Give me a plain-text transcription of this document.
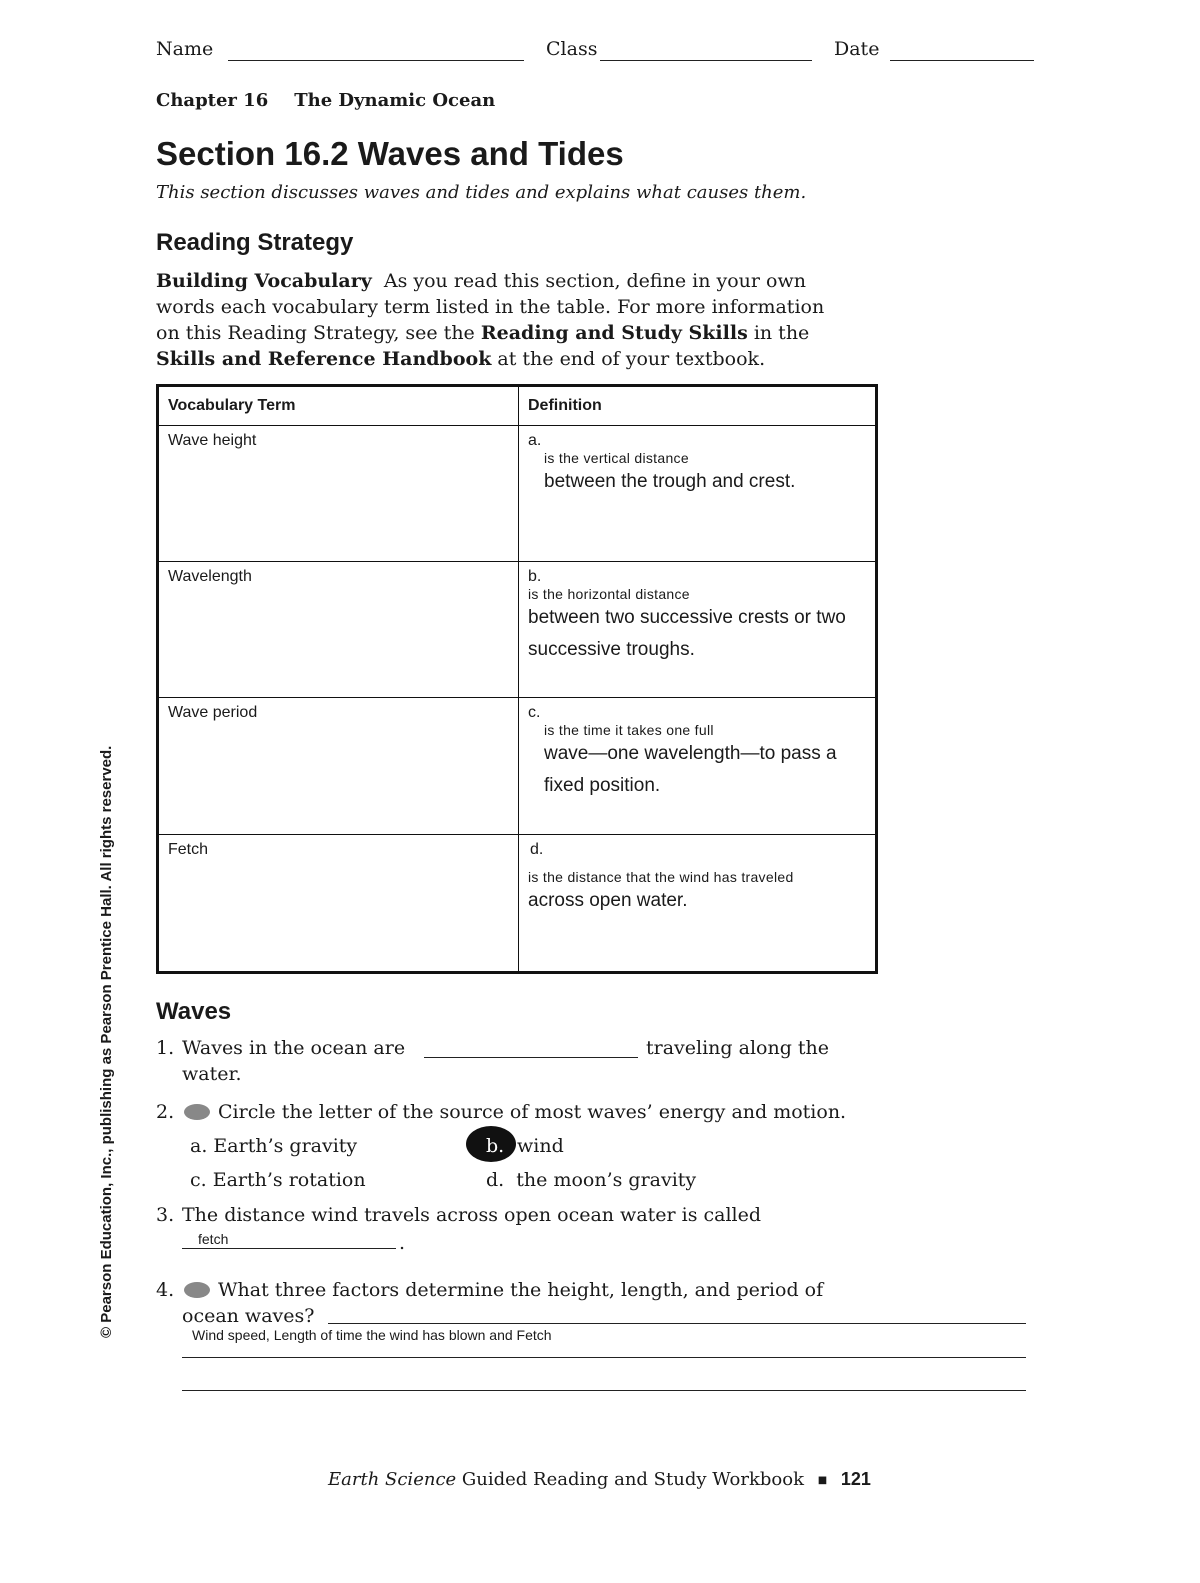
Name	Class	Date
Chapter 16 The Dynamic Ocean
Section 16.2 Waves and Tides
This section discusses waves and tides and explains what causes them.
Reading Strategy
Building Vocabulary As you read this section, define in your own
words each vocabulary term listed in the table. For more information
on this Reading Strategy, see the Reading and Study Skills in the
Skills and Reference Handbook at the end of your textbook.
Vocabulary Term	Definition
Wave height	a.
is the vertical distance
between the trough and crest.

Wavelength	b.
is the horizontal distance
between two successive crests or two successive troughs.

Wave period	c.
is the time it takes one full
wave—one wavelength—to pass a fixed position.

Fetch	d.
is the distance that the wind has traveled
across open water.
Waves
1. Waves in the ocean are	traveling along the
water.
2. Circle the letter of the source of most waves’ energy and motion.
a. Earth’s gravity	b. wind
c. Earth’s rotation	d. the moon’s gravity
3. The distance wind travels across open ocean water is called
fetch	.
4. What three factors determine the height, length, and period of
ocean waves?
Wind speed, Length of time the wind has blown and Fetch
Earth Science Guided Reading and Study Workbook ■ 121
© Pearson Education, Inc., publishing as Pearson Prentice Hall. All rights reserved.
